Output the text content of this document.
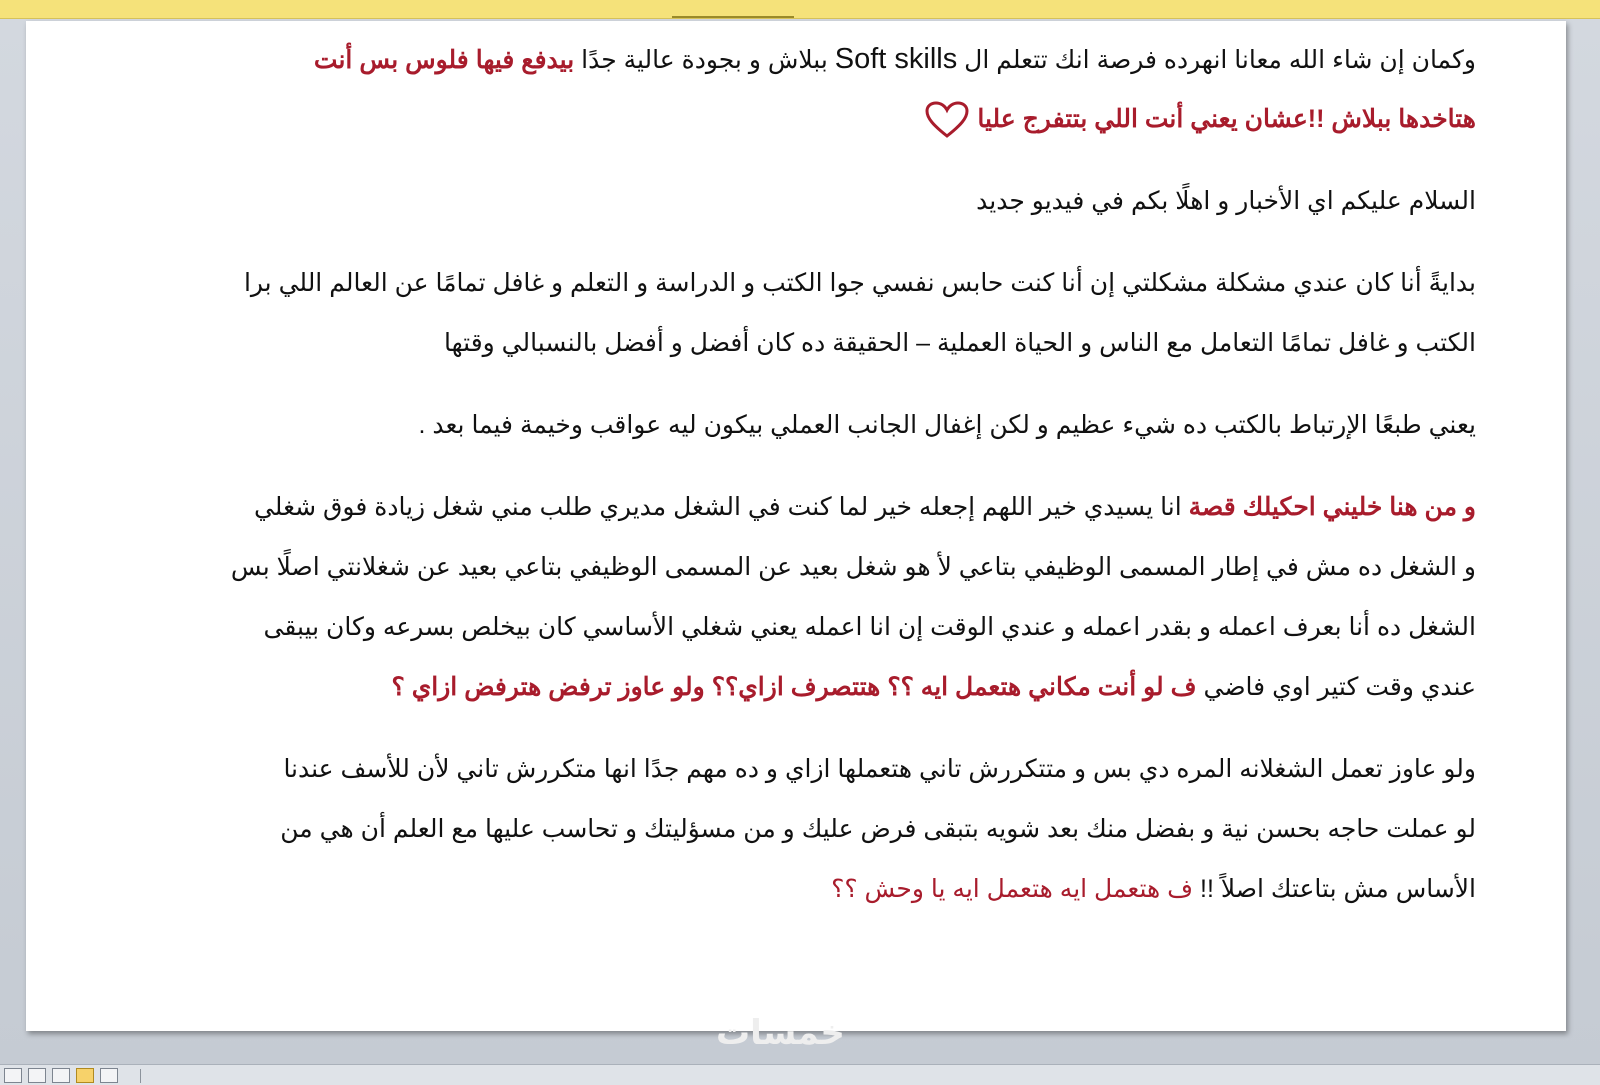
خمسات
وكمان إن شاء الله معانا انهرده فرصة انك تتعلم ال Soft skills ببلاش و بجودة عالية جدًا بيدفع فيها فلوس بس أنت
هتاخدها ببلاش !!عشان يعني أنت اللي بتتفرج عليا
السلام عليكم اي الأخبار و اهلًا بكم في فيديو جديد
بدايةً أنا كان عندي مشكلة مشكلتي إن أنا كنت حابس نفسي جوا الكتب و الدراسة و التعلم و غافل تمامًا عن العالم اللي برا
الكتب و غافل تمامًا التعامل مع الناس و الحياة العملية – الحقيقة ده كان أفضل و أفضل بالنسبالي وقتها
يعني طبعًا الإرتباط بالكتب ده شيء عظيم و لكن إغفال الجانب العملي بيكون ليه عواقب وخيمة فيما بعد .
و من هنا خليني احكيلك قصة انا يسيدي خير اللهم إجعله خير لما كنت في الشغل مديري طلب مني شغل زيادة فوق شغلي
و الشغل ده مش في إطار المسمى الوظيفي بتاعي لأ هو شغل بعيد عن المسمى الوظيفي بتاعي بعيد عن شغلانتي اصلًا بس
الشغل ده أنا بعرف اعمله و بقدر اعمله و عندي الوقت إن انا اعمله يعني شغلي الأساسي كان بيخلص بسرعه وكان بيبقى
عندي وقت كتير اوي فاضي ف لو أنت مكاني هتعمل ايه ؟؟ هتتصرف ازاي؟؟ ولو عاوز ترفض هترفض ازاي ؟
ولو عاوز تعمل الشغلانه المره دي بس و متتكررش تاني هتعملها ازاي و ده مهم جدًا انها متكررش تاني لأن للأسف عندنا
لو عملت حاجه بحسن نية و بفضل منك بعد شويه بتبقى فرض عليك و من مسؤليتك و تحاسب عليها مع العلم أن هي من
الأساس مش بتاعتك اصلاً !! ف هتعمل ايه هتعمل ايه يا وحش ؟؟
